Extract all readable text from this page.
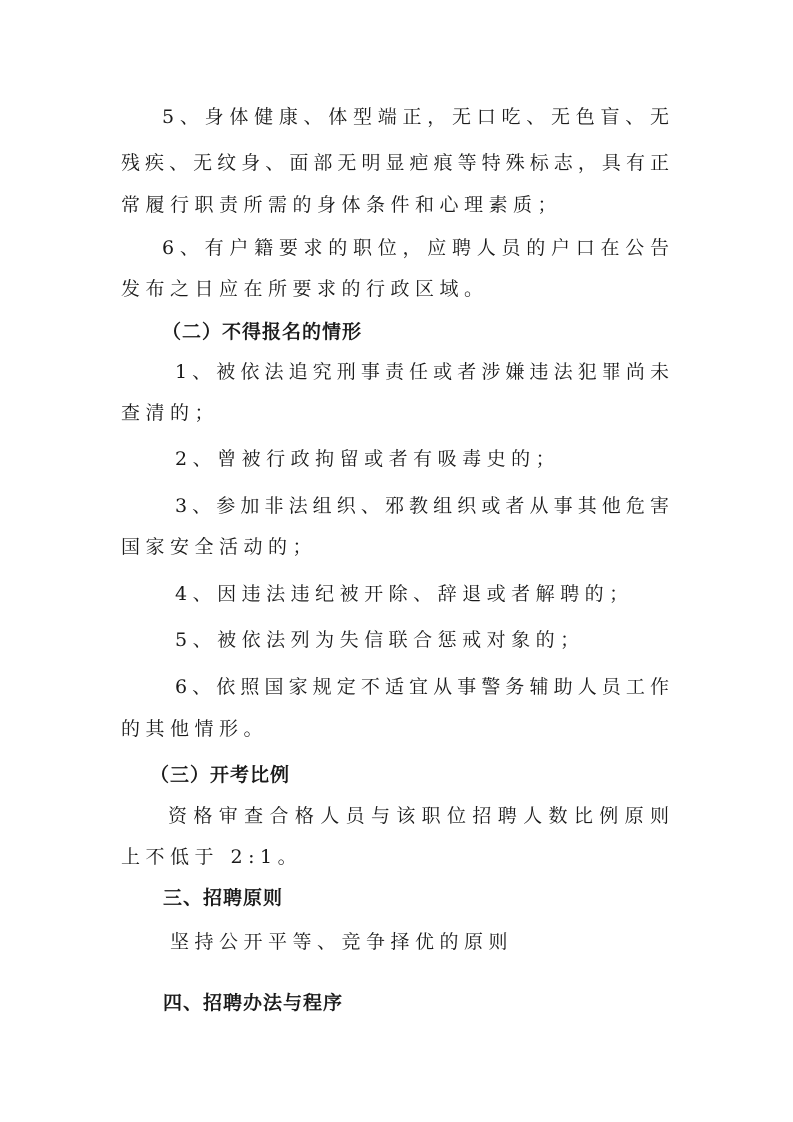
5、身体健康、体型端正，无口吃、无色盲、无
残疾、无纹身、面部无明显疤痕等特殊标志，具有正
常履行职责所需的身体条件和心理素质；
6、有户籍要求的职位，应聘人员的户口在公告
发布之日应在所要求的行政区域。
（二）不得报名的情形
1、被依法追究刑事责任或者涉嫌违法犯罪尚未
查清的；
2、曾被行政拘留或者有吸毒史的；
3、参加非法组织、邪教组织或者从事其他危害
国家安全活动的；
4、因违法违纪被开除、辞退或者解聘的；
5、被依法列为失信联合惩戒对象的；
6、依照国家规定不适宜从事警务辅助人员工作
的其他情形。
（三）开考比例
资格审查合格人员与该职位招聘人数比例原则
上不低于 2:1。
三、招聘原则
坚持公开平等、竞争择优的原则
四、招聘办法与程序
